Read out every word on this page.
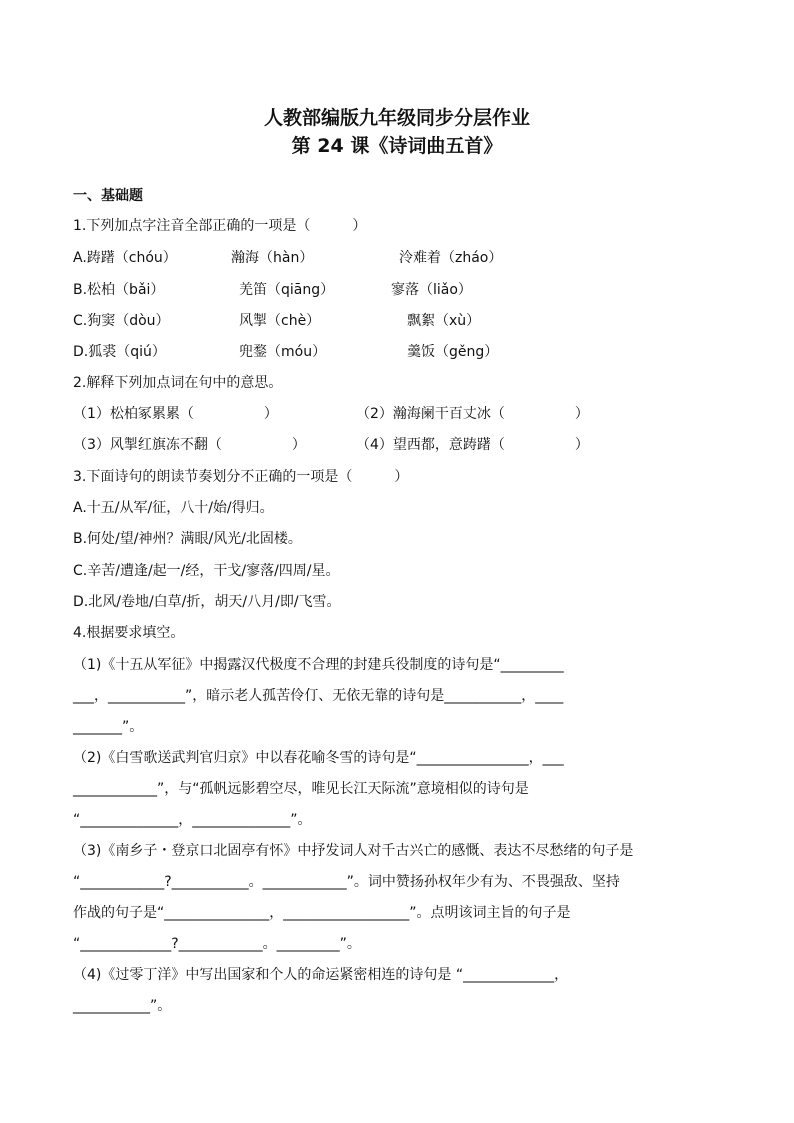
人教部编版九年级同步分层作业
第 24 课《诗词曲五首》
一、基础题
1.下列加点字注音全部正确的一项是（　　　）
A.踌躇（chóu）	瀚海（hàn）	泠难着（zháo）
B.松柏（bǎi）	羌笛（qiāng）	寥落（liǎo）
C.狗窦（dòu）	风掣（chè）	飘絮（xù）
D.狐裘（qiú）	兜鍪（móu）	羹饭（gěng）
2.解释下列加点词在句中的意思。
（1）松柏冢累累（　　　　　）	（2）瀚海阑干百丈冰（　　　　　）
（3）风掣红旗冻不翻（　　　　　）	（4）望西都，意踌躇（　　　　　）
3.下面诗句的朗读节奏划分不正确的一项是（　　　）
A.十五/从军/征，八十/始/得归。
B.何处/望/神州？满眼/风光/北固楼。
C.辛苦/遭逢/起一/经，干戈/寥落/四周/星。
D.北风/卷地/白草/折，胡天/八月/即/飞雪。
4.根据要求填空。
（1)《十五从军征》中揭露汉代极度不合理的封建兵役制度的诗句是“_________
___，___________”，暗示老人孤苦伶仃、无依无靠的诗句是___________，____
_______”。
（2)《白雪歌送武判官归京》中以春花喻冬雪的诗句是“________________，___
____________”，与“孤帆远影碧空尽，唯见长江天际流”意境相似的诗句是
“______________，______________”。
（3)《南乡子・登京口北固亭有怀》中抒发词人对千古兴亡的感慨、表达不尽愁绪的句子是
“____________?___________。____________”。词中赞扬孙权年少有为、不畏强敌、坚持
作战的句子是“_______________，__________________”。点明该词主旨的句子是
“_____________?____________。_________”。
（4)《过零丁洋》中写出国家和个人的命运紧密相连的诗句是 “_____________，
___________”。
